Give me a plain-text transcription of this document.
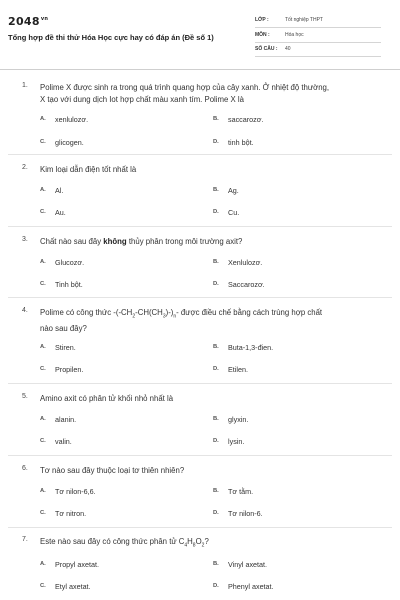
$2048^{vn}$
Tổng hợp đề thi thử Hóa Học cực hay có đáp án (Đề số 1)
LỚP :	Tốt nghiệp THPT
MÔN :	Hóa học
SỐ CÂU : 40
1. Polime X được sinh ra trong quá trình quang hợp của cây xanh. Ở nhiệt độ thường,
X tạo với dung dịch Iot hợp chất màu xanh tím. Polime X là
A. xenlulozơ.	B. saccarozơ.
C. glicogen.	D. tinh bột.
2. Kim loại dẫn điện tốt nhất là
A. Al.	B. Ag.
C. Au.	D. Cu.
3. Chất nào sau đây không thủy phân trong môi trường axit?
A. Glucozơ.	B. Xenlulozơ.
C. Tinh bột.	D. Saccarozơ.
4. Polime có công thức $-(-CH_2-CH(CH_3)-)_n-$ được điều chế bằng cách trùng hợp chất
nào sau đây?
A. Stiren.	B. Buta-1,3-đien.
C. Propilen.	D. Etilen.
5. Amino axit có phân tử khối nhỏ nhất là
A. alanin.	B. glyxin.
C. valin.	D. lysin.
6. Tơ nào sau đây thuộc loại tơ thiên nhiên?
A. Tơ nilon-6,6.	B. Tơ tằm.
C. Tơ nitron.	D. Tơ nilon-6.
7. Este nào sau đây có công thức phân tử $C_4H_8O_2$?
A. Propyl axetat.	B. Vinyl axetat.
C. Etyl axetat.	D. Phenyl axetat.
